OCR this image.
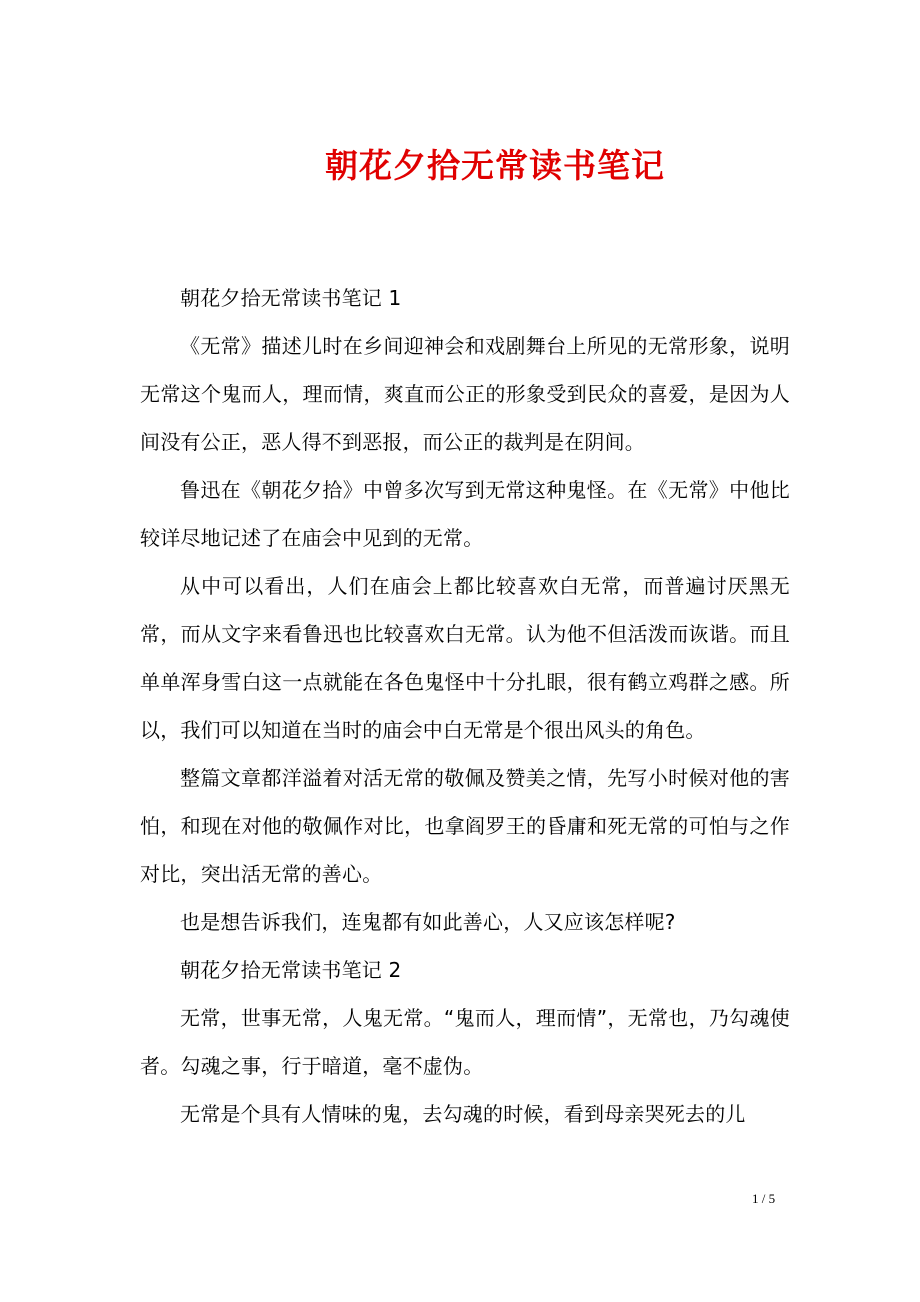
朝花夕拾无常读书笔记

朝花夕拾无常读书笔记 1

《无常》描述儿时在乡间迎神会和戏剧舞台上所见的无常形象，说明无常这个鬼而人，理而情，爽直而公正的形象受到民众的喜爱，是因为人间没有公正，恶人得不到恶报，而公正的裁判是在阴间。

鲁迅在《朝花夕拾》中曾多次写到无常这种鬼怪。在《无常》中他比较详尽地记述了在庙会中见到的无常。

从中可以看出，人们在庙会上都比较喜欢白无常，而普遍讨厌黑无常，而从文字来看鲁迅也比较喜欢白无常。认为他不但活泼而诙谐。而且单单浑身雪白这一点就能在各色鬼怪中十分扎眼，很有鹤立鸡群之感。所以，我们可以知道在当时的庙会中白无常是个很出风头的角色。

整篇文章都洋溢着对活无常的敬佩及赞美之情，先写小时候对他的害怕，和现在对他的敬佩作对比，也拿阎罗王的昏庸和死无常的可怕与之作对比，突出活无常的善心。

也是想告诉我们，连鬼都有如此善心，人又应该怎样呢?

朝花夕拾无常读书笔记 2

无常，世事无常，人鬼无常。“鬼而人，理而情”，无常也，乃勾魂使者。勾魂之事，行于暗道，毫不虚伪。

无常是个具有人情味的鬼，去勾魂的时候，看到母亲哭死去的儿

1 / 5
